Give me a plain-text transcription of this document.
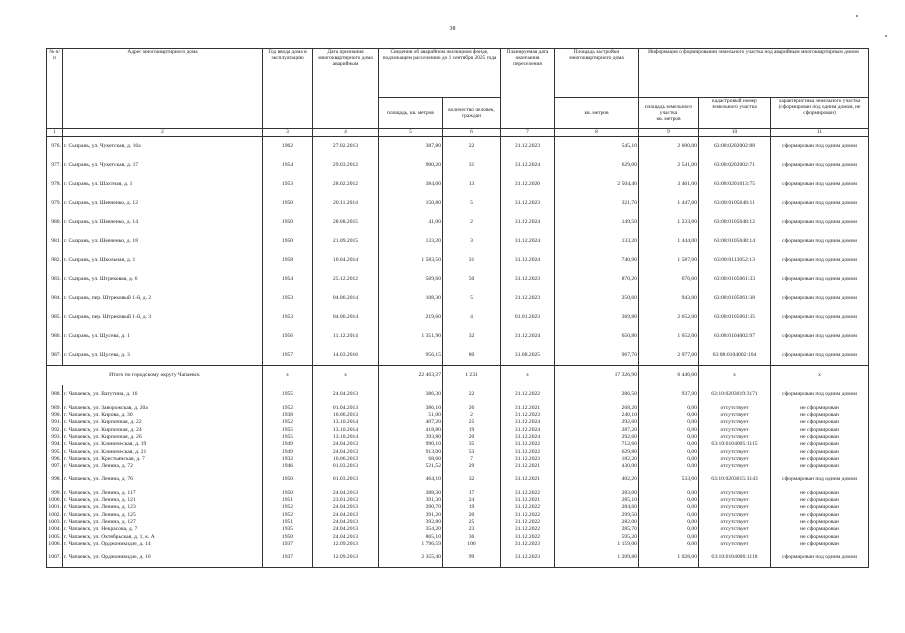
38
№ п/п	Адрес многоквартирного дома	Год ввода дома в эксплуатацию	Дата признания многоквартирного дома аварийным	Сведения об аварийном жилищном фонде, подлежащем расселению до 1 сентября 2025 года		Планируемая дата окончания переселения	Площадь застройки многоквартирного дома	Информация о формировании земельного участка под аварийным многоквартирным домом		
				площадь, кв. метров	количество человек, граждан		кв. метров	площадь земельного участка
кв. метров	кадастровый номер земельного участка	характеристика земельного участка (сформирован под одним домом, не сформирован)
1	2	3	4	5	6	7	8	9	10	11
976.	г. Сызрань, ул. Чукотская, д. 16а	1962	27.02.2013	387,80	22	31.12.2023	545,10	2 000,00	63:08:0202002:88	сформирован под одним домом
977.	г. Сызрань, ул. Чукотская, д. 17	1954	29.03.2012	900,20	31	31.12.2024	629,00	2 541,00	63:08:0202002:71	сформирован под одним домом
978.	г. Сызрань, ул. Шахтная, д. 1	1953	28.02.2012	384,00	13	31.12.2020	2 504,40	3 461,00	63:08:0201013:75	сформирован под одним домом
979.	г. Сызрань, ул. Шевченко, д. 12	1950	20.11.2014	150,80	5	31.12.2023	321,70	1 447,00	63:08:0105048:11	сформирован под одним домом
980.	г. Сызрань, ул. Шевченко, д. 14	1950	28.08.2015	41,00	2	31.12.2024	149,50	1 233,00	63:08:0105048:12	сформирован под одним домом
981.	г. Сызрань, ул. Шевченко, д. 18	1950	21.09.2015	133,20	3	31.12.2024	133,20	1 444,00	63:08:0105048:14	сформирован под одним домом
982.	г. Сызрань, ул. Школьная, д. 1	1958	10.04.2014	1 583,50	31	31.12.2024	740,90	1 587,00	63:08:0113052:13	сформирован под одним домом
983.	г. Сызрань, ул. Штрековая, д. 6	1954	25.12.2012	569,60	50	31.12.2023	870,20	676,00	63:08:0105061:33	сформирован под одним домом
984.	г. Сызрань, пер. Штрековый 1-й, д. 2	1953	04.06.2014	108,30	5	31.12.2023	250,60	943,00	63:08:0105061:38	сформирован под одним домом
985.	г. Сызрань, пер. Штрековый 1-й, д. 3	1953	04.06.2014	219,60	4	01.01.2023	369,80	2 652,00	63:08:0105061:35	сформирован под одним домом
986.	г. Сызрань, ул. Щусева, д. 1	1956	11.12.2014	1 351,90	32	31.12.2024	650,80	1 652,00	63:08:0104002:97	сформирован под одним домом
987.	г. Сызрань, ул. Щусева, д. 3	1957	14.03.2016	956,15	80	31.08.2025	967,70	2 977,00	63:08:0104002:104	сформирован под одним домом
Итого по городскому округу Чапаевск		x	x	22 463,37	1 231	x	17 326,90	6 446,00	x	x
988.	г. Чапаевск, ул. Ватутина, д. 16	1955	24.04.2013	386,30	22	31.12.2022	286,50	937,00	63:10:0203019:3171	сформирован под одним домом
989.	г. Чапаевск, ул. Заворожская, д. 20а	1952	01.04.2013	386,10	26	31.12.2021	268,20	0,00	отсутствует	не сформирован
990.	г. Чапаевск, ул. Кирова, д. 30	1938	10.06.2013	51,00	2	31.12.2023	240,10	0,00	отсутствует	не сформирован
991.	г. Чапаевск, ул. Кирпичная, д. 22	1952	13.10.2014	407,20	25	31.12.2024	292,60	0,00	отсутствует	не сформирован
992.	г. Чапаевск, ул. Кирпичная, д. 24	1955	13.10.2014	418,80	19	31.12.2024	287,20	0,00	отсутствует	не сформирован
993.	г. Чапаевск, ул. Кирпичная, д. 26	1955	13.10.2014	393,80	20	31.12.2024	292,60	0,00	отсутствует	не сформирован
994.	г. Чапаевск, ул. Клиническая, д. 19	1949	24.04.2013	990,10	35	31.12.2022	712,60	0,00	63:10:0104005:1115	не сформирован
995.	г. Чапаевск, ул. Клиническая, д. 21	1949	24.04.2013	913,00	53	31.12.2022	629,80	0,00	отсутствует	не сформирован
996.	г. Чапаевск, ул. Крестьянская, д. 7	1932	10.06.2013	68,60	7	31.12.2023	182,20	0,00	отсутствует	не сформирован
997.	г. Чапаевск, ул. Ленина, д. 72	1946	01.03.2013	521,52	29	31.12.2021	430,00	0,00	отсутствует	не сформирован
998.	г. Чапаевск, ул. Ленина, д. 76	1950	01.03.2013	464,10	32	31.12.2021	402,20	533,00	63:10:0203015:3143	сформирован под одним домом
999.	г. Чапаевск, ул. Ленина, д. 117	1950	24.04.2013	388,30	17	31.12.2022	283,00	0,00	отсутствует	не сформирован
1000.	г. Чапаевск, ул. Ленина, д. 121	1951	23.01.2013	391,30	24	31.12.2021	285,10	0,00	отсутствует	не сформирован
1001.	г. Чапаевск, ул. Ленина, д. 123	1952	24.04.2013	390,70	19	31.12.2022	284,60	0,00	отсутствует	не сформирован
1002.	г. Чапаевск, ул. Ленина, д. 125	1952	24.04.2013	391,20	20	31.12.2022	299,50	0,00	отсутствует	не сформирован
1003.	г. Чапаевск, ул. Ленина, д. 127	1951	24.04.2013	392,80	25	31.12.2022	282,00	0,00	отсутствует	не сформирован
1004.	г. Чапаевск, ул. Некрасова, д. 7	1935	24.04.2013	354,20	23	31.12.2022	285,70	0,00	отсутствует	не сформирован
1005.	г. Чапаевск, ул. Октябрьская, д. 1, к. А	1950	24.04.2013	865,10	36	31.12.2022	595,20	0,00	отсутствует	не сформирован
1006.	г. Чапаевск, ул. Орджоникидзе, д. 14	1937	12.09.2013	1 796,59	106	31.12.2023	1 159,00	0,00	отсутствует	не сформирован
1007.	г. Чапаевск, ул. Орджоникидзе, д. 16	1937	12.09.2013	2 355,40	99	31.12.2023	1 209,80	1 028,00	63:10:0104006:1118	сформирован под одним домом
